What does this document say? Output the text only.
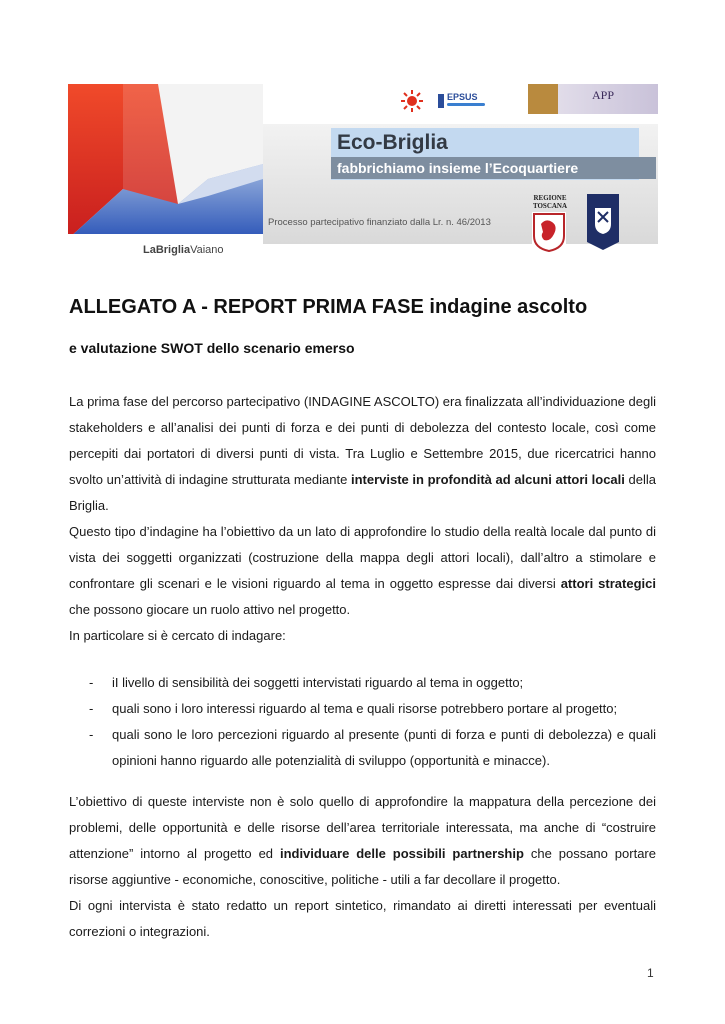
LaBrigliaVaiano
Eco-Briglia
fabbrichiamo insieme l’Ecoquartiere
Processo partecipativo finanziato dalla Lr. n. 46/2013
EPSUS	APP
REGIONE
TOSCANA
ALLEGATO A - REPORT PRIMA FASE indagine ascolto
e valutazione SWOT dello scenario emerso

La prima fase del percorso partecipativo (INDAGINE ASCOLTO) era finalizzata all’individuazione degli stakeholders e all’analisi dei punti di forza e dei punti di debolezza del contesto locale, così come percepiti dai portatori di diversi punti di vista. Tra Luglio e Settembre 2015, due ricercatrici hanno svolto un’attività di indagine strutturata mediante interviste in profondità ad alcuni attori locali della Briglia.

Questo tipo d’indagine ha l’obiettivo da un lato di approfondire lo studio della realtà locale dal punto di vista dei soggetti organizzati (costruzione della mappa degli attori locali), dall’altro a stimolare e confrontare gli scenari e le visioni riguardo al tema in oggetto espresse dai diversi attori strategici che possono giocare un ruolo attivo nel progetto.

In particolare si è cercato di indagare:

-	iI livello di sensibilità dei soggetti intervistati riguardo al tema in oggetto;
-	quali sono i loro interessi riguardo al tema e quali risorse potrebbero portare al progetto;
-	quali sono le loro percezioni riguardo al presente (punti di forza e punti di debolezza) e quali opinioni hanno riguardo alle potenzialità di sviluppo (opportunità e minacce).

L’obiettivo di queste interviste non è solo quello di approfondire la mappatura della percezione dei problemi, delle opportunità e delle risorse dell’area territoriale interessata, ma anche di “costruire attenzione” intorno al progetto ed individuare delle possibili partnership che possano portare risorse aggiuntive - economiche, conoscitive, politiche - utili a far decollare il progetto.

Di ogni intervista è stato redatto un report sintetico, rimandato ai diretti interessati per eventuali correzioni o integrazioni.

1
